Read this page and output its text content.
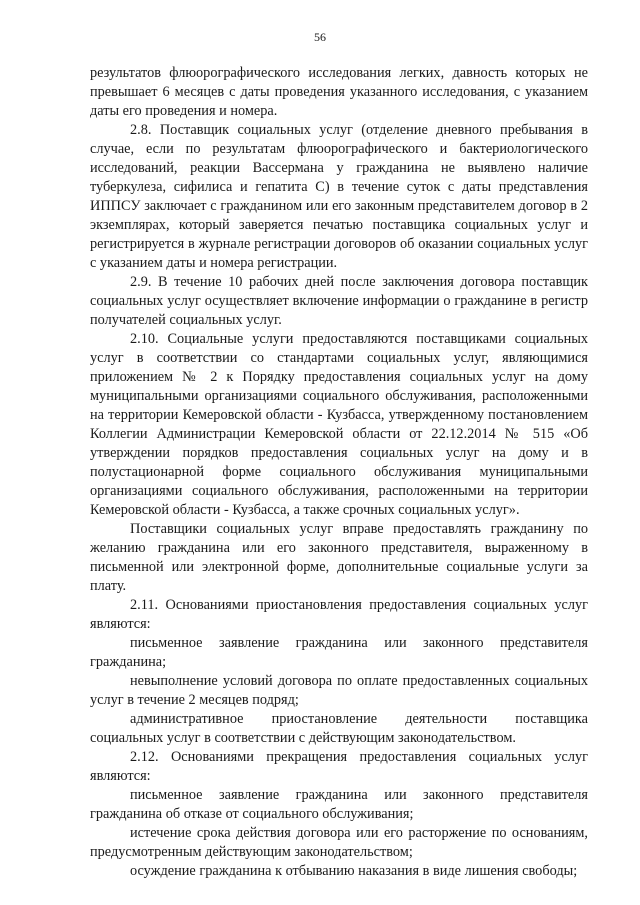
56

результатов флюорографического исследования легких, давность которых не превышает 6 месяцев с даты проведения указанного исследования, с указанием даты его проведения и номера.

2.8. Поставщик социальных услуг (отделение дневного пребывания в случае, если по результатам флюорографического и бактериологического исследований, реакции Вассермана у гражданина не выявлено наличие туберкулеза, сифилиса и гепатита С) в течение суток с даты представления ИППСУ заключает с гражданином или его законным представителем договор в 2 экземплярах, который заверяется печатью поставщика социальных услуг и регистрируется в журнале регистрации договоров об оказании социальных услуг с указанием даты и номера регистрации.

2.9. В течение 10 рабочих дней после заключения договора поставщик социальных услуг осуществляет включение информации о гражданине в регистр получателей социальных услуг.

2.10. Социальные услуги предоставляются поставщиками социальных услуг в соответствии со стандартами социальных услуг, являющимися приложением № 2 к Порядку предоставления социальных услуг на дому муниципальными организациями социального обслуживания, расположенными на территории Кемеровской области - Кузбасса, утвержденному постановлением Коллегии Администрации Кемеровской области от 22.12.2014 № 515 «Об утверждении порядков предоставления социальных услуг на дому и в полустационарной форме социального обслуживания муниципальными организациями социального обслуживания, расположенными на территории Кемеровской области - Кузбасса, а также срочных социальных услуг».

Поставщики социальных услуг вправе предоставлять гражданину по желанию гражданина или его законного представителя, выраженному в письменной или электронной форме, дополнительные социальные услуги за плату.

2.11. Основаниями приостановления предоставления социальных услуг являются:

письменное заявление гражданина или законного представителя гражданина;

невыполнение условий договора по оплате предоставленных социальных услуг в течение 2 месяцев подряд;

административное приостановление деятельности поставщика социальных услуг в соответствии с действующим законодательством.

2.12. Основаниями прекращения предоставления социальных услуг являются:

письменное заявление гражданина или законного представителя гражданина об отказе от социального обслуживания;

истечение срока действия договора или его расторжение по основаниям, предусмотренным действующим законодательством;

осуждение гражданина к отбыванию наказания в виде лишения свободы;
